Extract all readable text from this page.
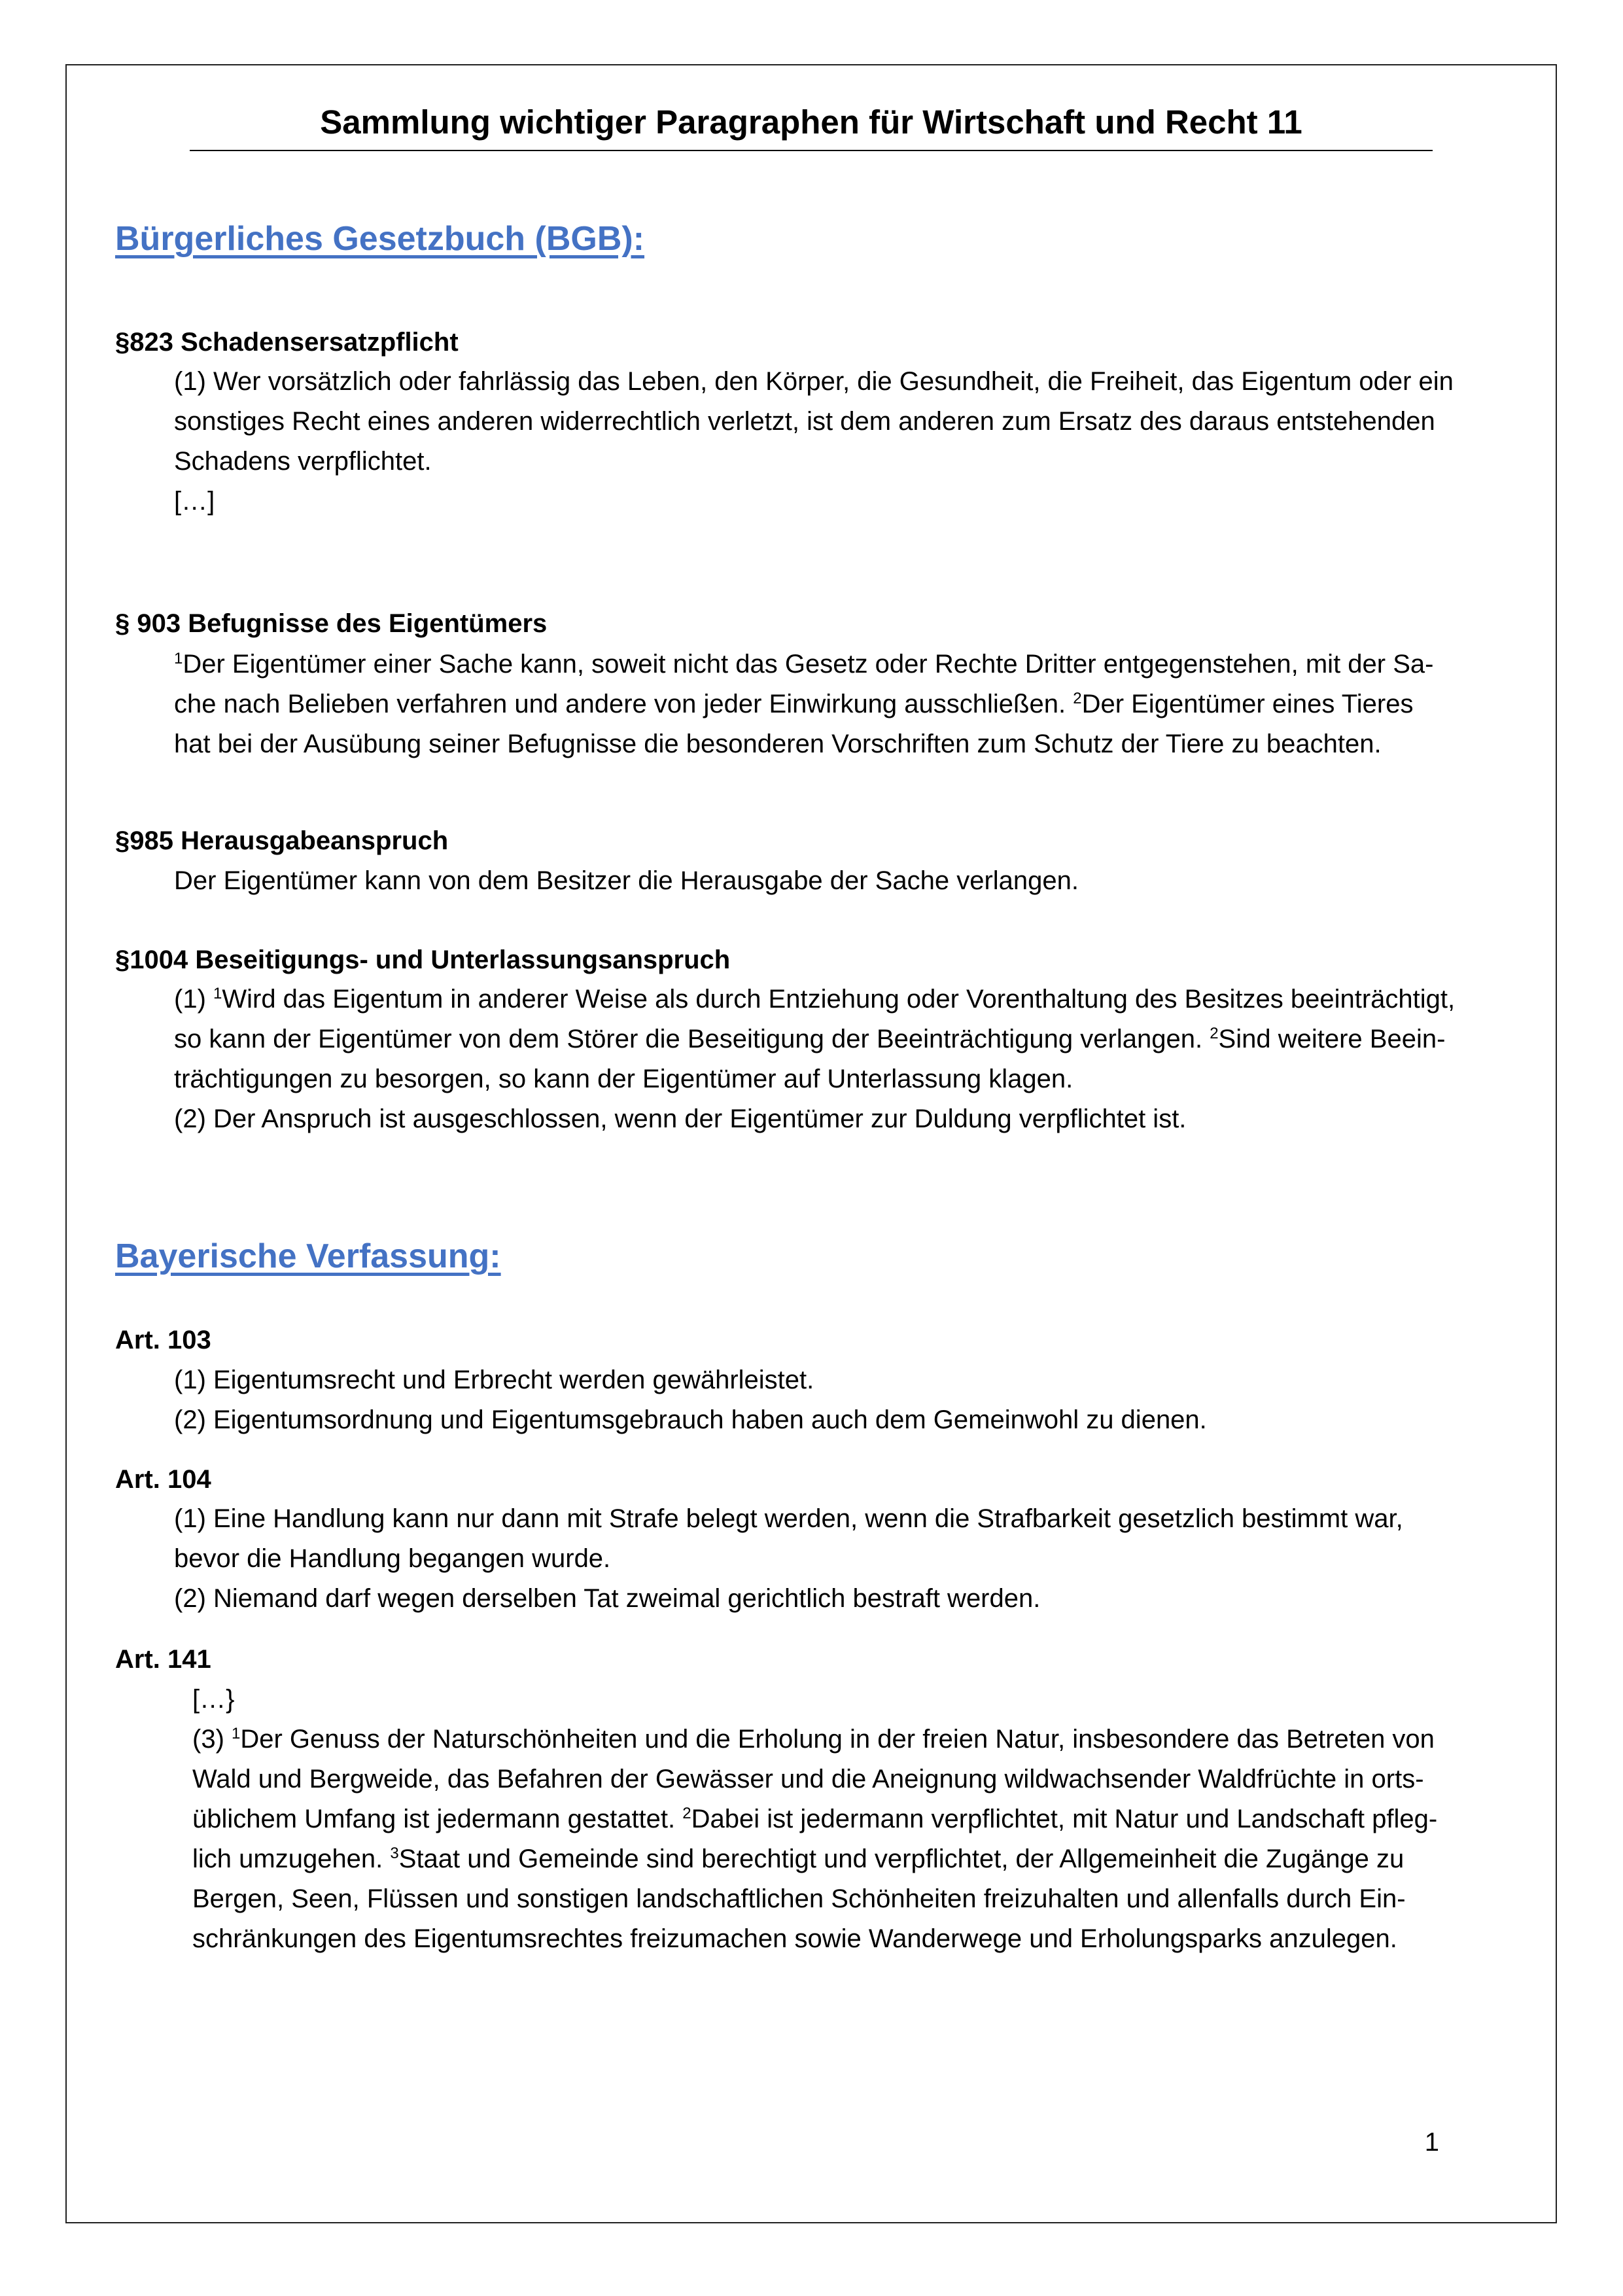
Sammlung wichtiger Paragraphen für Wirtschaft und Recht 11
Bürgerliches Gesetzbuch (BGB):
§823 Schadensersatzpflicht
(1) Wer vorsätzlich oder fahrlässig das Leben, den Körper, die Gesundheit, die Freiheit, das Eigentum oder ein
sonstiges Recht eines anderen widerrechtlich verletzt, ist dem anderen zum Ersatz des daraus entstehenden
Schadens verpflichtet.
[…]
§ 903 Befugnisse des Eigentümers
$^1$Der Eigentümer einer Sache kann, soweit nicht das Gesetz oder Rechte Dritter entgegenstehen, mit der Sa-
che nach Belieben verfahren und andere von jeder Einwirkung ausschließen. $^2$Der Eigentümer eines Tieres
hat bei der Ausübung seiner Befugnisse die besonderen Vorschriften zum Schutz der Tiere zu beachten.
§985 Herausgabeanspruch
Der Eigentümer kann von dem Besitzer die Herausgabe der Sache verlangen.
§1004 Beseitigungs- und Unterlassungsanspruch
(1) $^1$Wird das Eigentum in anderer Weise als durch Entziehung oder Vorenthaltung des Besitzes beeinträchtigt,
so kann der Eigentümer von dem Störer die Beseitigung der Beeinträchtigung verlangen. $^2$Sind weitere Beein-
trächtigungen zu besorgen, so kann der Eigentümer auf Unterlassung klagen.
(2) Der Anspruch ist ausgeschlossen, wenn der Eigentümer zur Duldung verpflichtet ist.
Bayerische Verfassung:
Art. 103
(1) Eigentumsrecht und Erbrecht werden gewährleistet.
(2) Eigentumsordnung und Eigentumsgebrauch haben auch dem Gemeinwohl zu dienen.
Art. 104
(1) Eine Handlung kann nur dann mit Strafe belegt werden, wenn die Strafbarkeit gesetzlich bestimmt war,
bevor die Handlung begangen wurde.
(2) Niemand darf wegen derselben Tat zweimal gerichtlich bestraft werden.
Art. 141
[…}
(3) $^1$Der Genuss der Naturschönheiten und die Erholung in der freien Natur, insbesondere das Betreten von
Wald und Bergweide, das Befahren der Gewässer und die Aneignung wildwachsender Waldfrüchte in orts-
üblichem Umfang ist jedermann gestattet. $^2$Dabei ist jedermann verpflichtet, mit Natur und Landschaft pfleg-
lich umzugehen. $^3$Staat und Gemeinde sind berechtigt und verpflichtet, der Allgemeinheit die Zugänge zu
Bergen, Seen, Flüssen und sonstigen landschaftlichen Schönheiten freizuhalten und allenfalls durch Ein-
schränkungen des Eigentumsrechtes freizumachen sowie Wanderwege und Erholungsparks anzulegen.
1
